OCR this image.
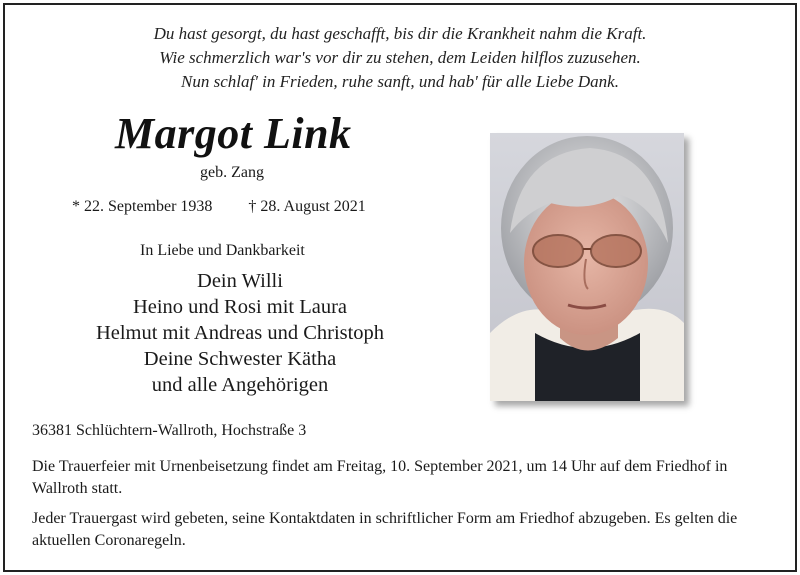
Du hast gesorgt, du hast geschafft, bis dir die Krankheit nahm die Kraft.
Wie schmerzlich war's vor dir zu stehen, dem Leiden hilflos zuzusehen.
Nun schlaf' in Frieden, ruhe sanft, und hab' für alle Liebe Dank.
Margot Link
geb. Zang
* 22. September 1938 † 28. August 2021
In Liebe und Dankbarkeit
Dein Willi
Heino und Rosi mit Laura
Helmut mit Andreas und Christoph
Deine Schwester Kätha
und alle Angehörigen
36381 Schlüchtern-Wallroth, Hochstraße 3
Die Trauerfeier mit Urnenbeisetzung findet am Freitag, 10. September 2021, um 14 Uhr auf dem Friedhof in Wallroth statt.
Jeder Trauergast wird gebeten, seine Kontaktdaten in schriftlicher Form am Friedhof abzugeben. Es gelten die aktuellen Coronaregeln.
